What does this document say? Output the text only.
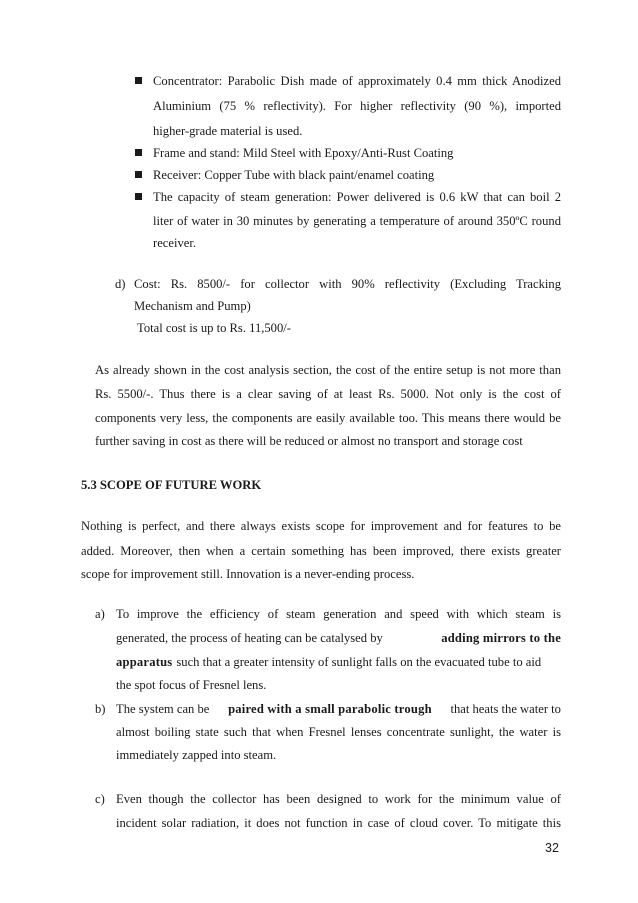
Concentrator: Parabolic Dish made of approximately 0.4 mm thick Anodized
Aluminium (75 % reflectivity). For higher reflectivity (90 %), imported
higher-grade material is used.
Frame and stand: Mild Steel with Epoxy/Anti-Rust Coating
Receiver: Copper Tube with black paint/enamel coating
The capacity of steam generation: Power delivered is 0.6 kW that can boil 2
liter of water in 30 minutes by generating a temperature of around 350ºC round
receiver.
d) Cost: Rs. 8500/- for collector with 90% reflectivity (Excluding Tracking
Mechanism and Pump)
Total cost is up to Rs. 11,500/-
As already shown in the cost analysis section, the cost of the entire setup is not more than
Rs. 5500/-. Thus there is a clear saving of at least Rs. 5000. Not only is the cost of
components very less, the components are easily available too. This means there would be
further saving in cost as there will be reduced or almost no transport and storage cost
5.3 SCOPE OF FUTURE WORK
Nothing is perfect, and there always exists scope for improvement and for features to be
added. Moreover, then when a certain something has been improved, there exists greater
scope for improvement still. Innovation is a never-ending process.
a) To improve the efficiency of steam generation and speed with which steam is
generated, the process of heating can be catalysed by	adding mirrors to the
apparatus such that a greater intensity of sunlight falls on the evacuated tube to aid
the spot focus of Fresnel lens.
b) The system can be paired with a small parabolic trough that heats the water to
almost boiling state such that when Fresnel lenses concentrate sunlight, the water is
immediately zapped into steam.
c) Even though the collector has been designed to work for the minimum value of
incident solar radiation, it does not function in case of cloud cover. To mitigate this
32
